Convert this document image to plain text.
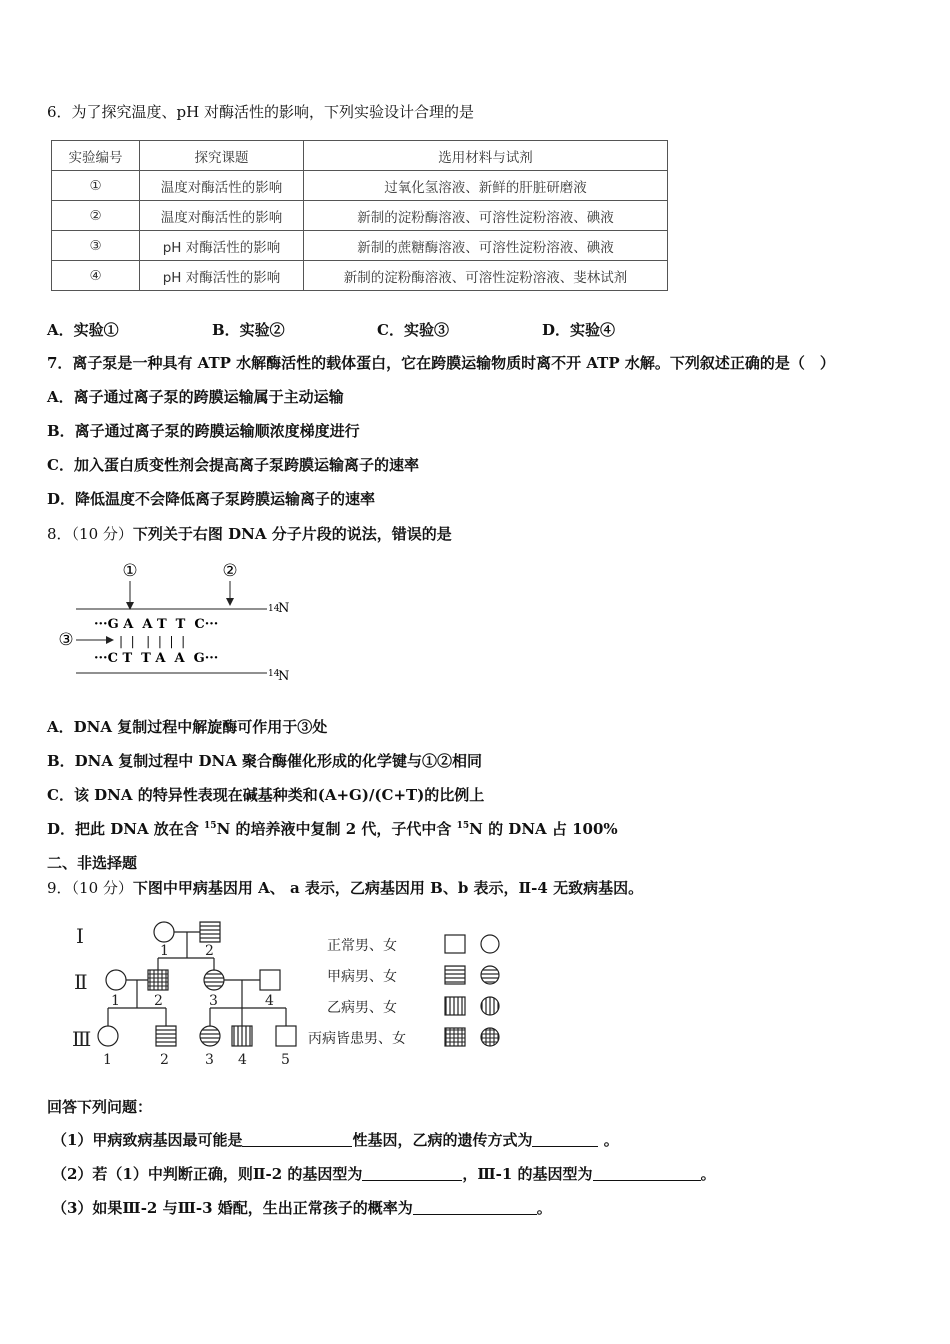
6．为了探究温度、pH 对酶活性的影响，下列实验设计合理的是
实验编号	探究课题	选用材料与试剂
①	温度对酶活性的影响	过氧化氢溶液、新鲜的肝脏研磨液
②	温度对酶活性的影响	新制的淀粉酶溶液、可溶性淀粉溶液、碘液
③	pH 对酶活性的影响	新制的蔗糖酶溶液、可溶性淀粉溶液、碘液
④	pH 对酶活性的影响	新制的淀粉酶溶液、可溶性淀粉溶液、斐林试剂
A．实验①	B．实验②	C．实验③	D．实验④
7．离子泵是一种具有 ATP 水解酶活性的载体蛋白，它在跨膜运输物质时离不开 ATP 水解。下列叙述正确的是（　）
A．离子通过离子泵的跨膜运输属于主动运输
B．离子通过离子泵的跨膜运输顺浓度梯度进行
C．加入蛋白质变性剂会提高离子泵跨膜运输离子的速率
D．降低温度不会降低离子泵跨膜运输离子的速率
8．（10 分）下列关于右图 DNA 分子片段的说法，错误的是
①	②
14
N
···G A  A T  T  C···
③	|  |   |  |  |  |
···C T  T A  A  G···
14
N
A．DNA 复制过程中解旋酶可作用于③处
B．DNA 复制过程中 DNA 聚合酶催化形成的化学键与①②相同
C．该 DNA 的特异性表现在碱基种类和(A+G)/(C+T)的比例上
D．把此 DNA 放在含 $^{15}$N 的培养液中复制 2 代，子代中含 $^{15}$N 的 DNA 占 100%
二、非选择题
9．（10 分）下图中甲病基因用 A、 a 表示，乙病基因用 B、b 表示，Ⅱ-4 无致病基因。
Ⅰ
Ⅱ
Ⅲ
1	2
1 2	3	4
1	2	3 4 5
正常男、女
甲病男、女
乙病男、女
丙病皆患男、女
回答下列问题：
（1）甲病致病基因最可能是	性基因，乙病的遗传方式为	。
（2）若（1）中判断正确，则Ⅱ-2 的基因型为	，Ⅲ-1 的基因型为	。
（3）如果Ⅲ-2 与Ⅲ-3 婚配，生出正常孩子的概率为	。
